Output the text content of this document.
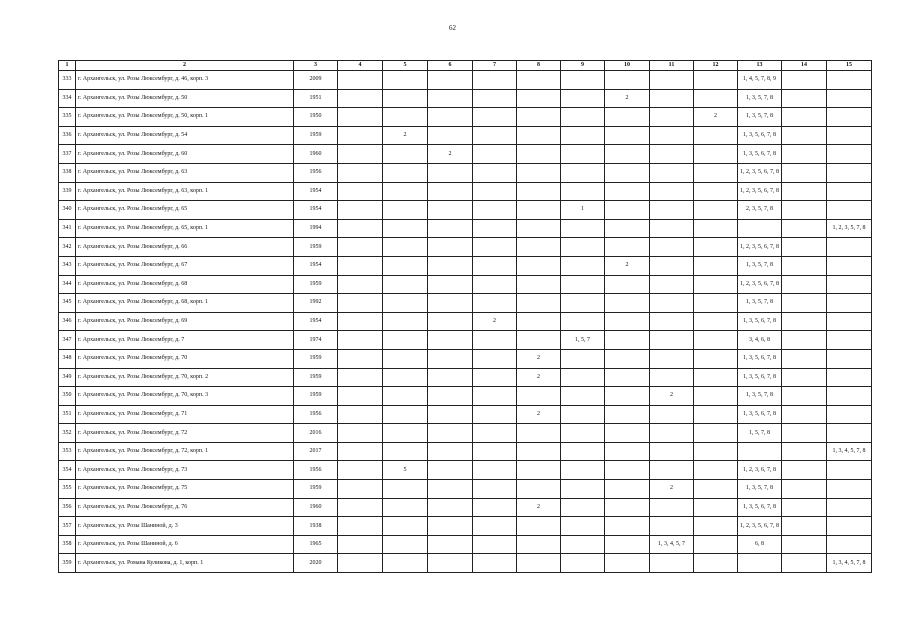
62
1	2	3	4	5	6	7	8	9	10	11	12	13	14	15
333	г. Архангельск, ул. Розы Люксембург, д. 46, корп. 3	2009										1, 4, 5, 7, 8, 9		
334	г. Архангельск, ул. Розы Люксембург, д. 50	1951							2			1, 3, 5, 7, 8		
335	г. Архангельск, ул. Розы Люксембург, д. 50, корп. 1	1950									2	1, 3, 5, 7, 8		
336	г. Архангельск, ул. Розы Люксембург, д. 54	1959		2								1, 3, 5, 6, 7, 8		
337	г. Архангельск, ул. Розы Люксембург, д. 60	1960			2							1, 3, 5, 6, 7, 8		
338	г. Архангельск, ул. Розы Люксембург, д. 63	1956										1, 2, 3, 5, 6, 7, 8		
339	г. Архангельск, ул. Розы Люксембург, д. 63, корп. 1	1954										1, 2, 3, 5, 6, 7, 8		
340	г. Архангельск, ул. Розы Люксембург, д. 65	1954						1				2, 3, 5, 7, 8		
341	г. Архангельск, ул. Розы Люксембург, д. 65, корп. 1	1994												1, 2, 3, 5, 7, 8
342	г. Архангельск, ул. Розы Люксембург, д. 66	1959										1, 2, 3, 5, 6, 7, 8		
343	г. Архангельск, ул. Розы Люксембург, д. 67	1954							2			1, 3, 5, 7, 8		
344	г. Архангельск, ул. Розы Люксембург, д. 68	1959										1, 2, 3, 5, 6, 7, 8		
345	г. Архангельск, ул. Розы Люксембург, д. 68, корп. 1	1992										1, 3, 5, 7, 8		
346	г. Архангельск, ул. Розы Люксембург, д. 69	1954				2						1, 3, 5, 6, 7, 8		
347	г. Архангельск, ул. Розы Люксембург, д. 7	1974						1, 5, 7				3, 4, 6, 8		
348	г. Архангельск, ул. Розы Люксембург, д. 70	1959					2					1, 3, 5, 6, 7, 8		
349	г. Архангельск, ул. Розы Люксембург, д. 70, корп. 2	1959					2					1, 3, 5, 6, 7, 8		
350	г. Архангельск, ул. Розы Люксембург, д. 70, корп. 3	1959								2		1, 3, 5, 7, 8		
351	г. Архангельск, ул. Розы Люксембург, д. 71	1956					2					1, 3, 5, 6, 7, 8		
352	г. Архангельск, ул. Розы Люксембург, д. 72	2016										1, 5, 7, 8		
353	г. Архангельск, ул. Розы Люксембург, д. 72, корп. 1	2017												1, 3, 4, 5, 7, 8
354	г. Архангельск, ул. Розы Люксембург, д. 73	1956		5								1, 2, 3, 6, 7, 8		
355	г. Архангельск, ул. Розы Люксембург, д. 75	1959								2		1, 3, 5, 7, 8		
356	г. Архангельск, ул. Розы Люксембург, д. 76	1960					2					1, 3, 5, 6, 7, 8		
357	г. Архангельск, ул. Розы Шаниной, д. 3	1938										1, 2, 3, 5, 6, 7, 8		
358	г. Архангельск, ул. Розы Шаниной, д. 6	1965								1, 3, 4, 5, 7		6, 8		
359	г. Архангельск, ул. Романа Куликова, д. 1, корп. 1	2020												1, 3, 4, 5, 7, 8
